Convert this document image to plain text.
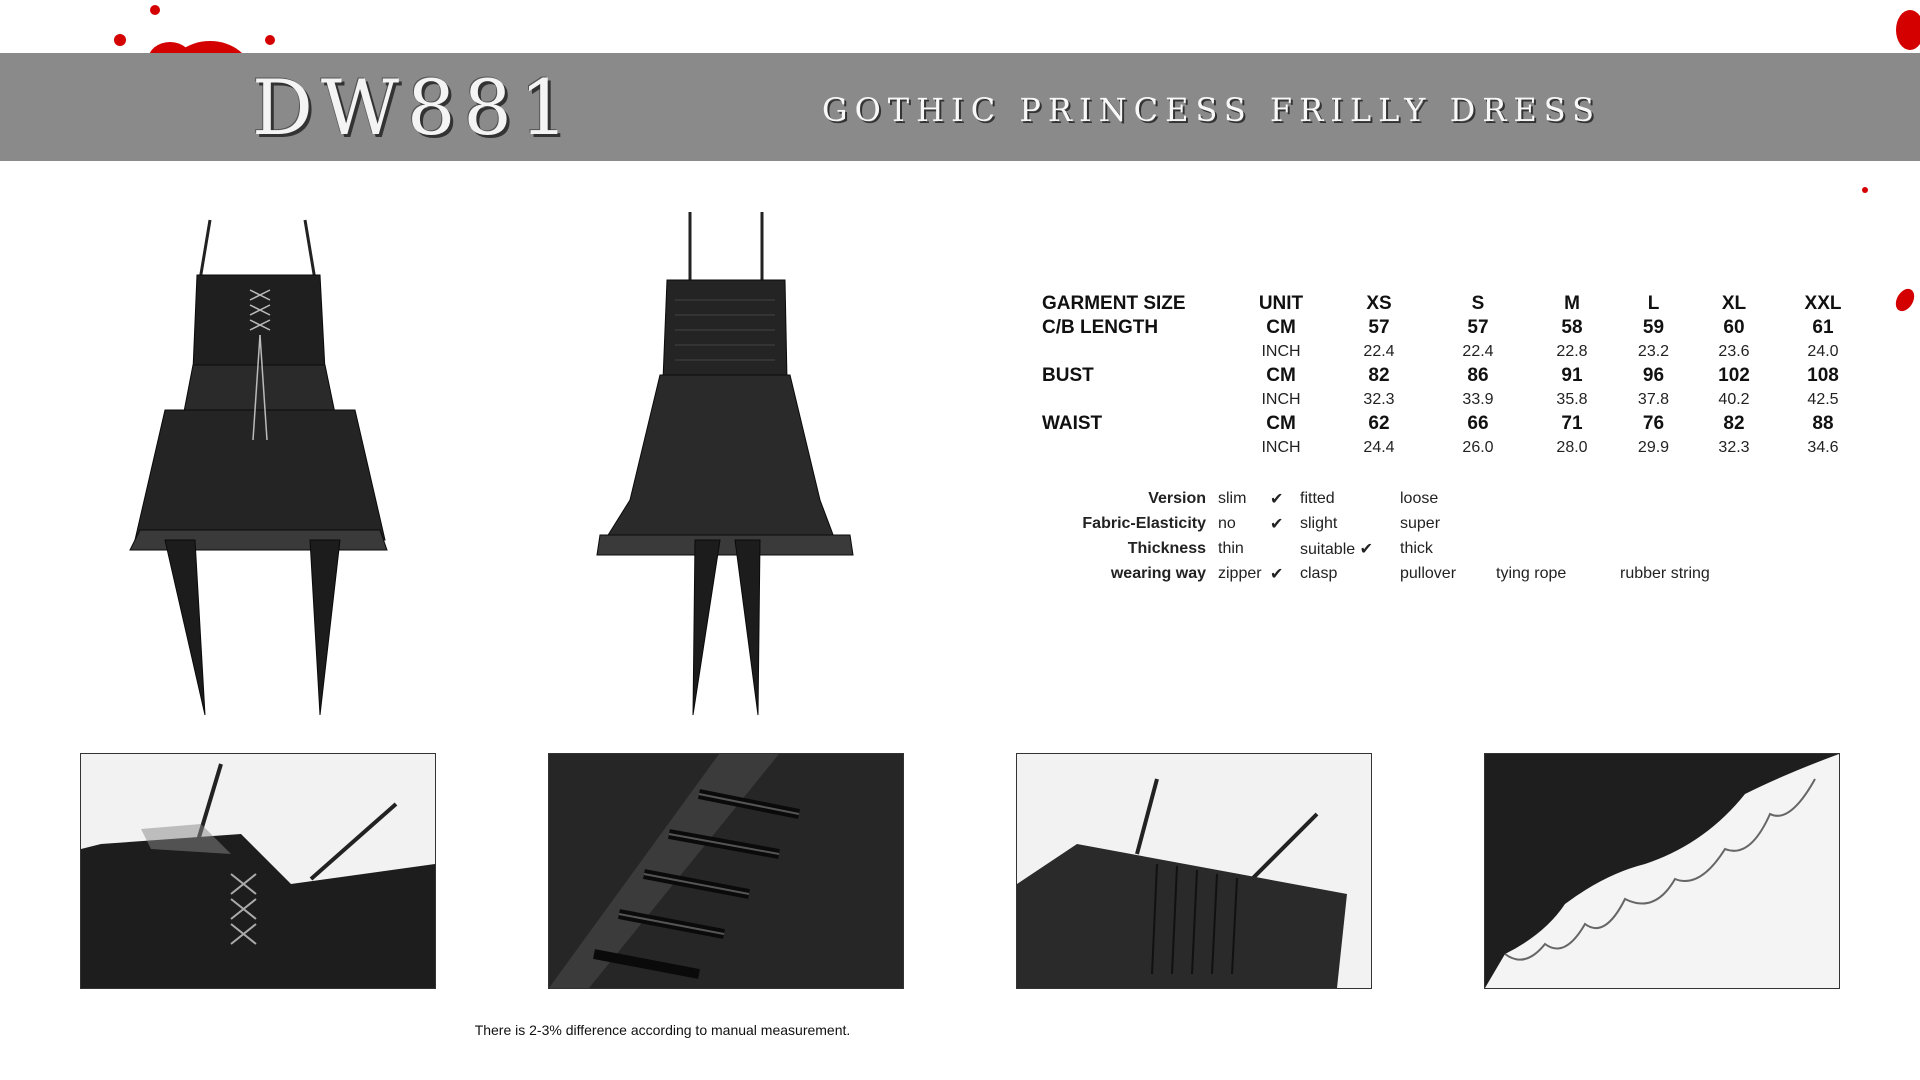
DW881	GOTHIC PRINCESS FRILLY DRESS
GARMENT SIZE	UNIT	XS	S	M	L	XL	XXL
C/B LENGTH	CM	57	57	58	59	60	61
	INCH	22.4	22.4	22.8	23.2	23.6	24.0
BUST	CM	82	86	91	96	102	108
	INCH	32.3	33.9	35.8	37.8	40.2	42.5
WAIST	CM	62	66	71	76	82	88
	INCH	24.4	26.0	28.0	29.9	32.3	34.6
Version	slim	✔	fitted	loose		
Fabric-Elasticity	no	✔	slight	super		
Thickness	thin		suitable ✔	thick		
wearing way	zipper	✔	clasp	pullover	tying rope	rubber string
There is 2-3% difference according to manual measurement.
